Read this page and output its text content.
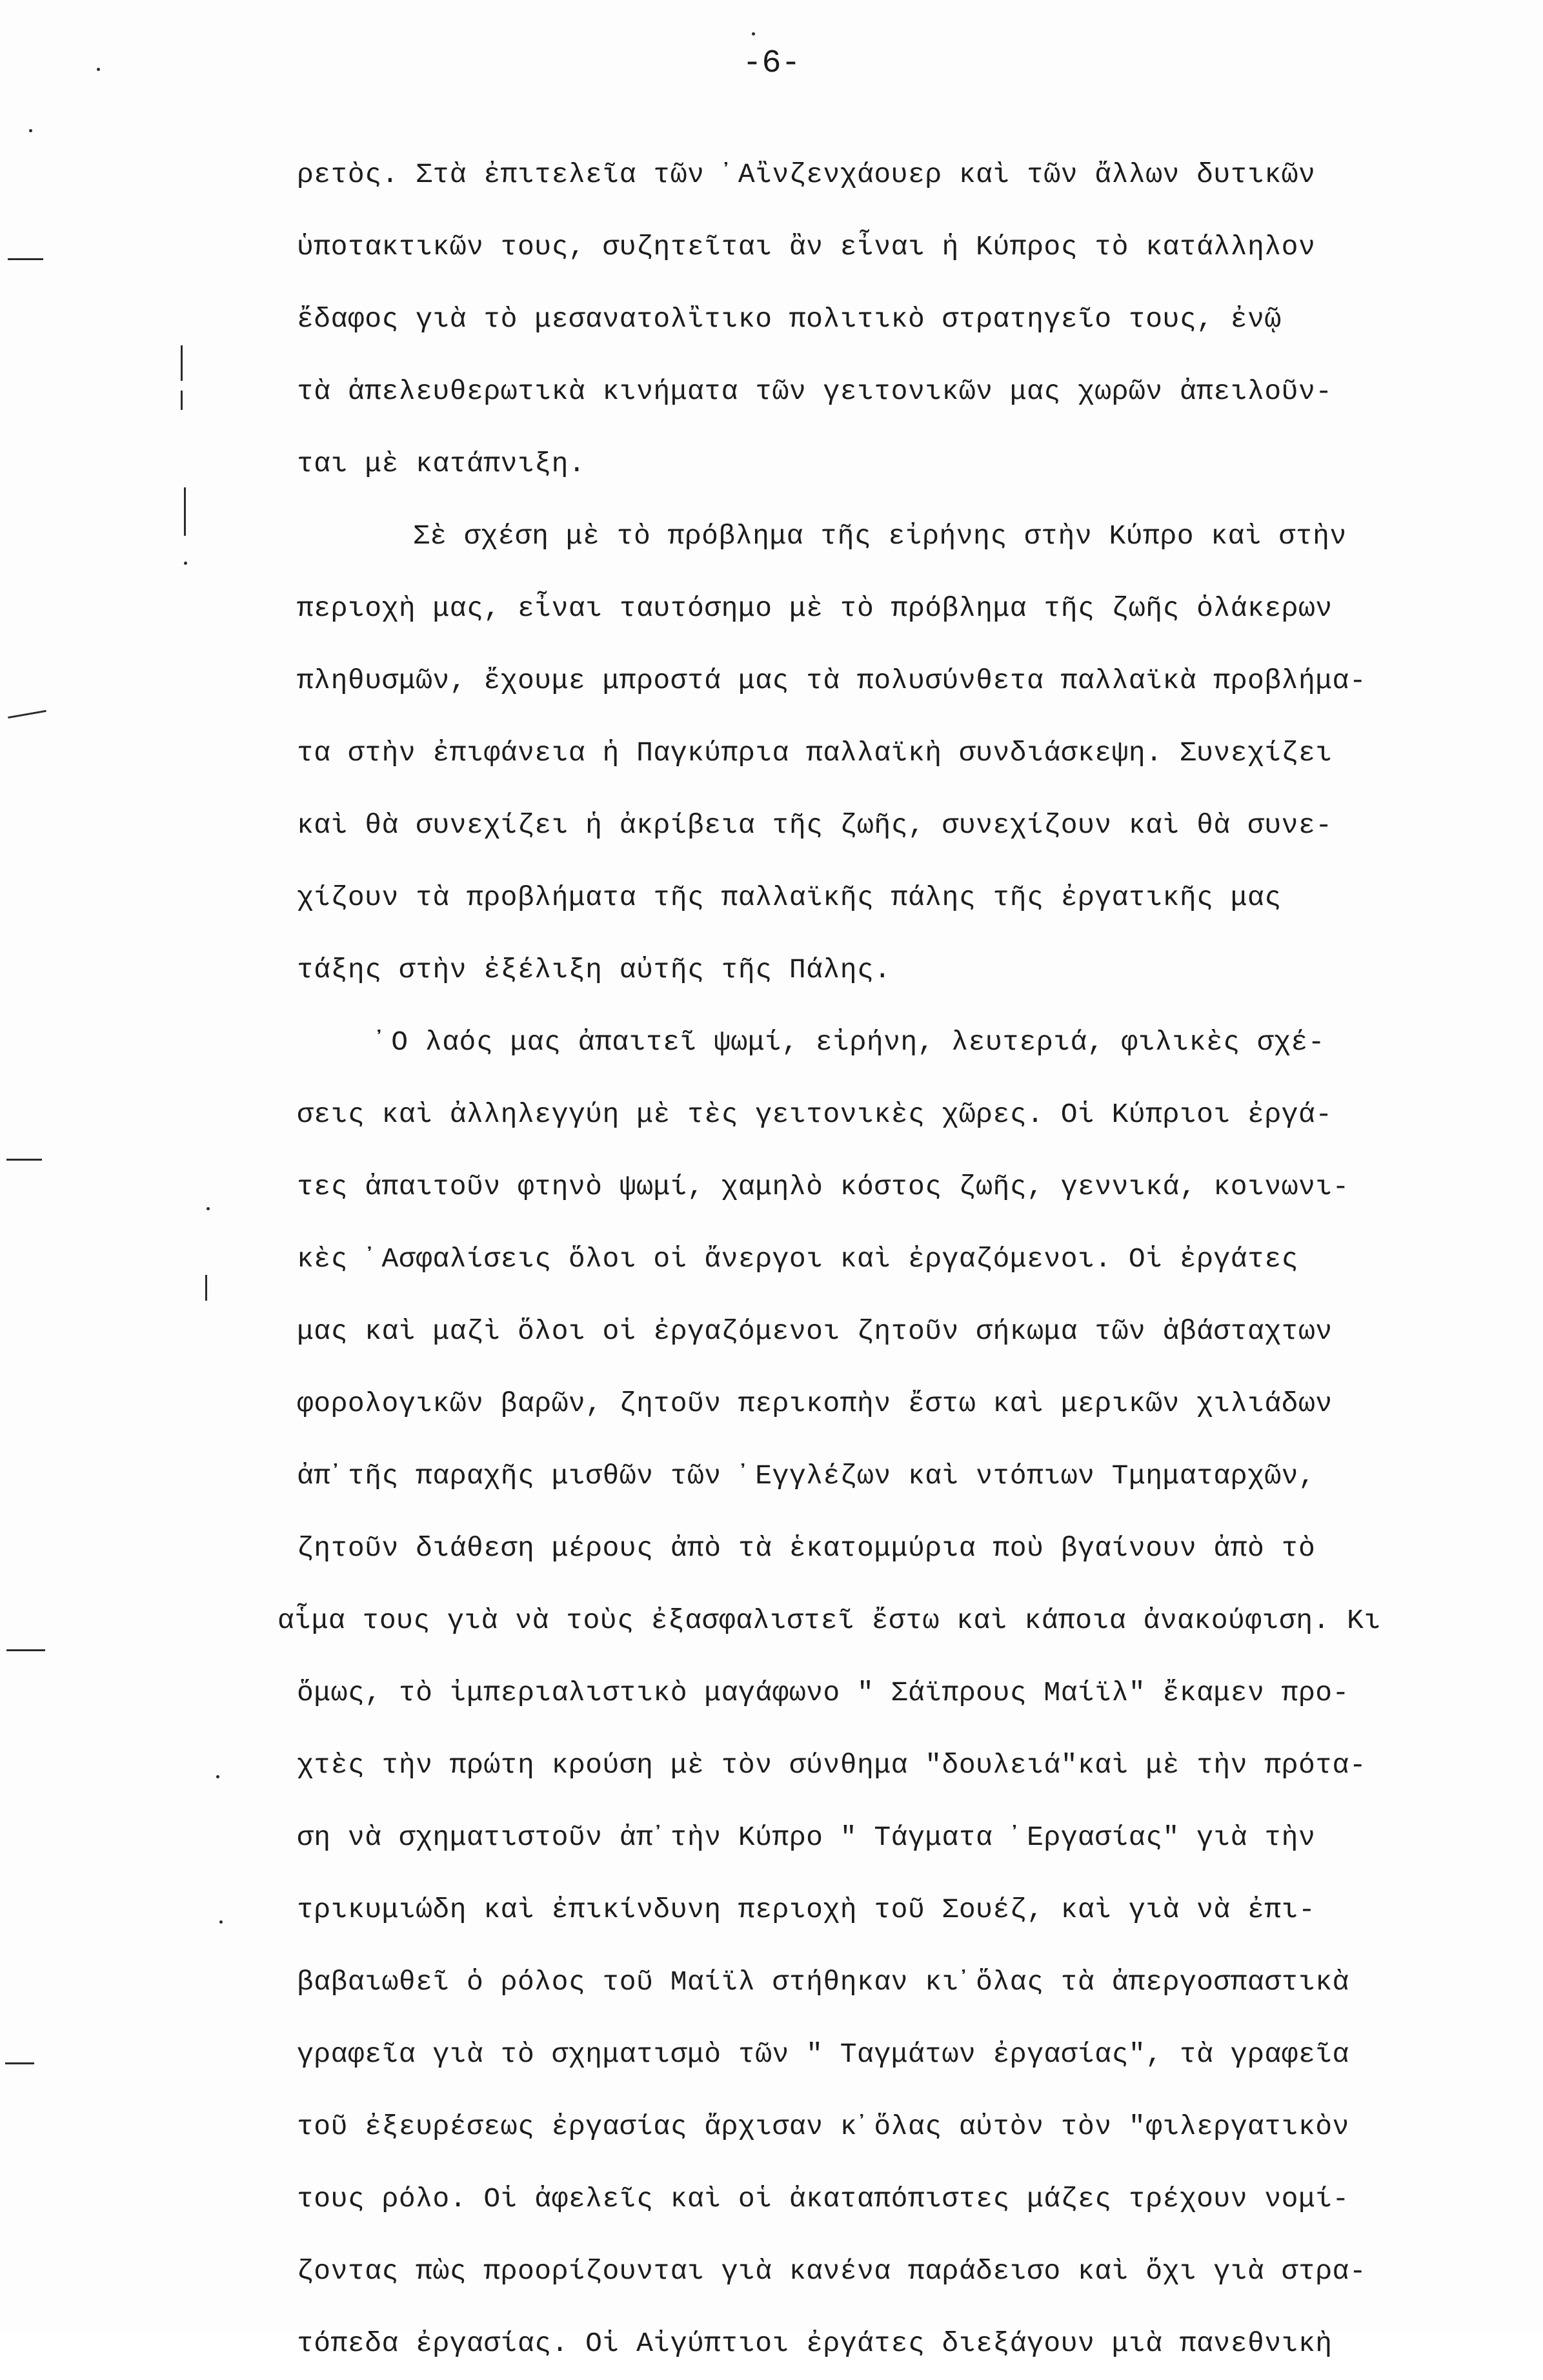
-6-
ρετὸς. Στὰ ἐπιτελεῖα τῶν ᾿Αἲνζενχάουερ καὶ τῶν ἄλλων δυτικῶν
ὑποτακτικῶν τους, συζητεῖται ἂν εἶναι ἡ Κύπρος τὸ κατάλληλον
ἔδαφος γιὰ τὸ μεσανατολἲτικο πολιτικὸ στρατηγεῖο τους, ἐνῷ
τὰ ἀπελευθερωτικὰ κινήματα τῶν γειτονικῶν μας χωρῶν ἀπειλοῦν-
ται μὲ κατάπνιξη.
Σὲ σχέση μὲ τὸ πρόβλημα τῆς εἰρήνης στὴν Κύπρο καὶ στὴν
περιοχὴ μας, εἶναι ταυτόσημο μὲ τὸ πρόβλημα τῆς ζωῆς ὁλάκερων
πληθυσμῶν, ἔχουμε μπροστά μας τὰ πολυσύνθετα παλλαϊκὰ προβλήμα-
τα στὴν ἐπιφάνεια ἡ Παγκύπρια παλλαϊκὴ συνδιάσκεψη. Συνεχίζει
καὶ θὰ συνεχίζει ἡ ἀκρίβεια τῆς ζωῆς, συνεχίζουν καὶ θὰ συνε-
χίζουν τὰ προβλήματα τῆς παλλαϊκῆς πάλης τῆς ἐργατικῆς μας
τάξης στὴν ἐξέλιξη αὐτῆς τῆς Πάλης.
᾿Ο λαός μας ἀπαιτεῖ ψωμί, εἰρήνη, λευτεριά, φιλικὲς σχέ-
σεις καὶ ἀλληλεγγύη μὲ τὲς γειτονικὲς χῶρες. Οἱ Κύπριοι ἐργά-
τες ἀπαιτοῦν φτηνὸ ψωμί, χαμηλὸ κόστος ζωῆς, γεννικά, κοινωνι-
κὲς ᾿Ασφαλίσεις ὅλοι οἱ ἄνεργοι καὶ ἐργαζόμενοι. Οἱ ἐργάτες
μας καὶ μαζὶ ὅλοι οἱ ἐργαζόμενοι ζητοῦν σήκωμα τῶν ἀβάσταχτων
φορολογικῶν βαρῶν, ζητοῦν περικοπὴν ἔστω καὶ μερικῶν χιλιάδων
ἀπ᾿τῆς παραχῆς μισθῶν τῶν ᾿Εγγλέζων καὶ ντόπιων Τμηματαρχῶν,
ζητοῦν διάθεση μέρους ἀπὸ τὰ ἑκατομμύρια ποὺ βγαίνουν ἀπὸ τὸ
αἷμα τους γιὰ νὰ τοὺς ἐξασφαλιστεῖ ἔστω καὶ κάποια ἀνακούφιση. Κι
ὅμως, τὸ ἰμπεριαλιστικὸ μαγάφωνο " Σάϊπρους Μαίϊλ" ἔκαμεν προ-
χτὲς τὴν πρώτη κρούση μὲ τὸν σύνθημα "δουλειά"καὶ μὲ τὴν πρότα-
ση νὰ σχηματιστοῦν ἀπ᾿τὴν Κύπρο " Τάγματα ᾿Εργασίας" γιὰ τὴν
τρικυμιώδη καὶ ἐπικίνδυνη περιοχὴ τοῦ Σουέζ, καὶ γιὰ νὰ ἐπι-
βαβαιωθεῖ ὁ ρόλος τοῦ Μαίϊλ στήθηκαν κι᾿ὅλας τὰ ἀπεργοσπαστικὰ
γραφεῖα γιὰ τὸ σχηματισμὸ τῶν " Ταγμάτων ἐργασίας", τὰ γραφεῖα
τοῦ ἐξευρέσεως ἐργασίας ἄρχισαν κ᾿ὅλας αὐτὸν τὸν "φιλεργατικὸν
τους ρόλο. Οἱ ἀφελεῖς καὶ οἱ ἀκαταπόπιστες μάζες τρέχουν νομί-
ζοντας πὼς προορίζουνται γιὰ κανένα παράδεισο καὶ ὄχι γιὰ στρα-
τόπεδα ἐργασίας. Οἱ Αἰγύπτιοι ἐργάτες διεξάγουν μιὰ πανεθνικὴ
